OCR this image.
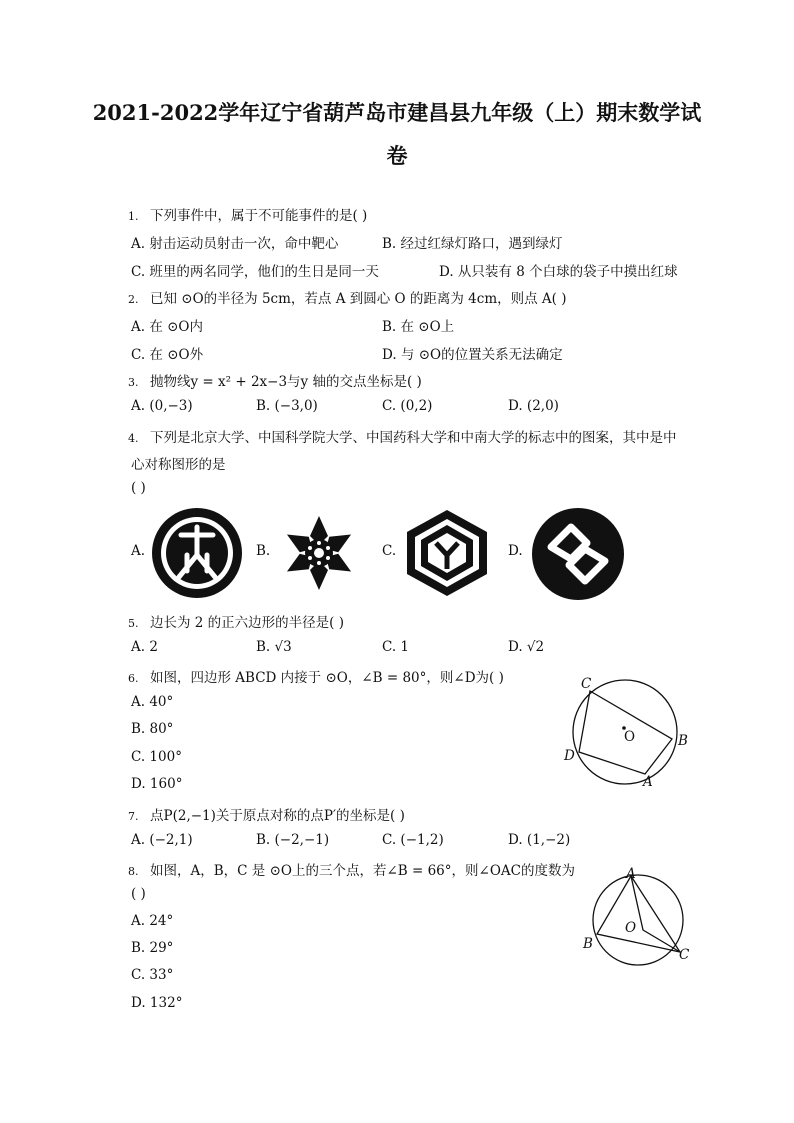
2021-2022学年辽宁省葫芦岛市建昌县九年级（上）期末数学试
卷
1. 下列事件中，属于不可能事件的是( )
A. 射击运动员射击一次，命中靶心	B. 经过红绿灯路口，遇到绿灯
C. 班里的两名同学，他们的生日是同一天	D. 从只装有 8 个白球的袋子中摸出红球
2. 已知 ⊙O的半径为 5cm，若点 A 到圆心 O 的距离为 4cm，则点 A( )
A. 在 ⊙O内	B. 在 ⊙O上
C. 在 ⊙O外	D. 与 ⊙O的位置关系无法确定
3. 抛物线y = x² + 2x−3与y 轴的交点坐标是( )
A. (0,−3)	B. (−3,0)	C. (0,2)	D. (2,0)
4. 下列是北京大学、中国科学院大学、中国药科大学和中南大学的标志中的图案，其中是中
心对称图形的是
( )
A.	B.	C.	D.
5. 边长为 2 的正六边形的半径是( )
A. 2	B. √3	C. 1	D. √2
6. 如图，四边形 ABCD 内接于 ⊙O，∠B = 80°，则∠D为( )
A. 40°
B. 80°
C. 100°
D. 160°
C
O	B
D
A
7. 点P(2,−1)关于原点对称的点P′的坐标是( )
A. (−2,1)	B. (−2,−1)	C. (−1,2)	D. (1,−2)
8. 如图，A，B，C 是 ⊙O上的三个点，若∠B = 66°，则∠OAC的度数为
( )
A. 24°
B. 29°
C. 33°
D. 132°
A
O
B
C
